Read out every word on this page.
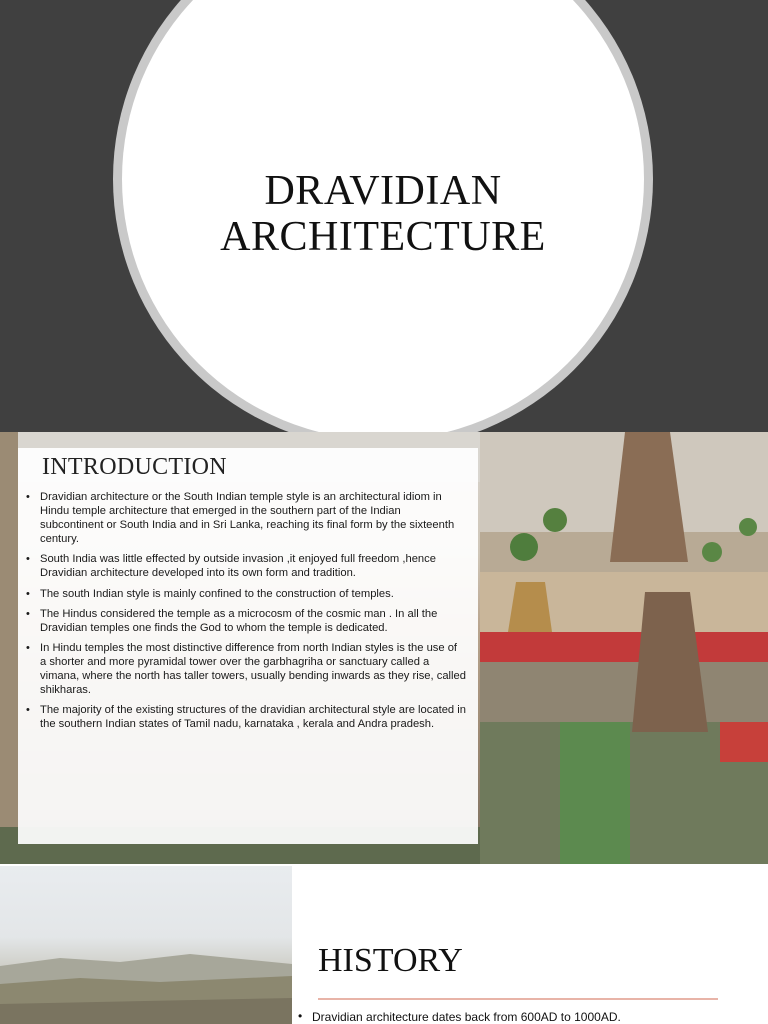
DRAVIDIAN
ARCHITECTURE
INTRODUCTION
• Dravidian architecture or the South Indian temple style is an architectural idiom in Hindu temple architecture that emerged in the southern part of the Indian subcontinent or South India and in Sri Lanka, reaching its final form by the sixteenth century.
• South India was little effected by outside invasion ,it enjoyed full freedom ,hence Dravidian architecture developed into its own form and tradition.
• The south Indian style is mainly confined to the construction of temples.
• The Hindus considered the temple as a microcosm of the cosmic man . In all the Dravidian temples one finds the God to whom the temple is dedicated.
• In Hindu temples the most distinctive difference from north Indian styles is the use of a shorter and more pyramidal tower over the garbhagriha or sanctuary called a vimana, where the north has taller towers, usually bending inwards as they rise, called shikharas.
• The majority of the existing structures of the dravidian architectural style are located in the southern Indian states of Tamil nadu, karnataka , kerala and Andra pradesh.
HISTORY
• Dravidian architecture dates back from 600AD to 1000AD.
